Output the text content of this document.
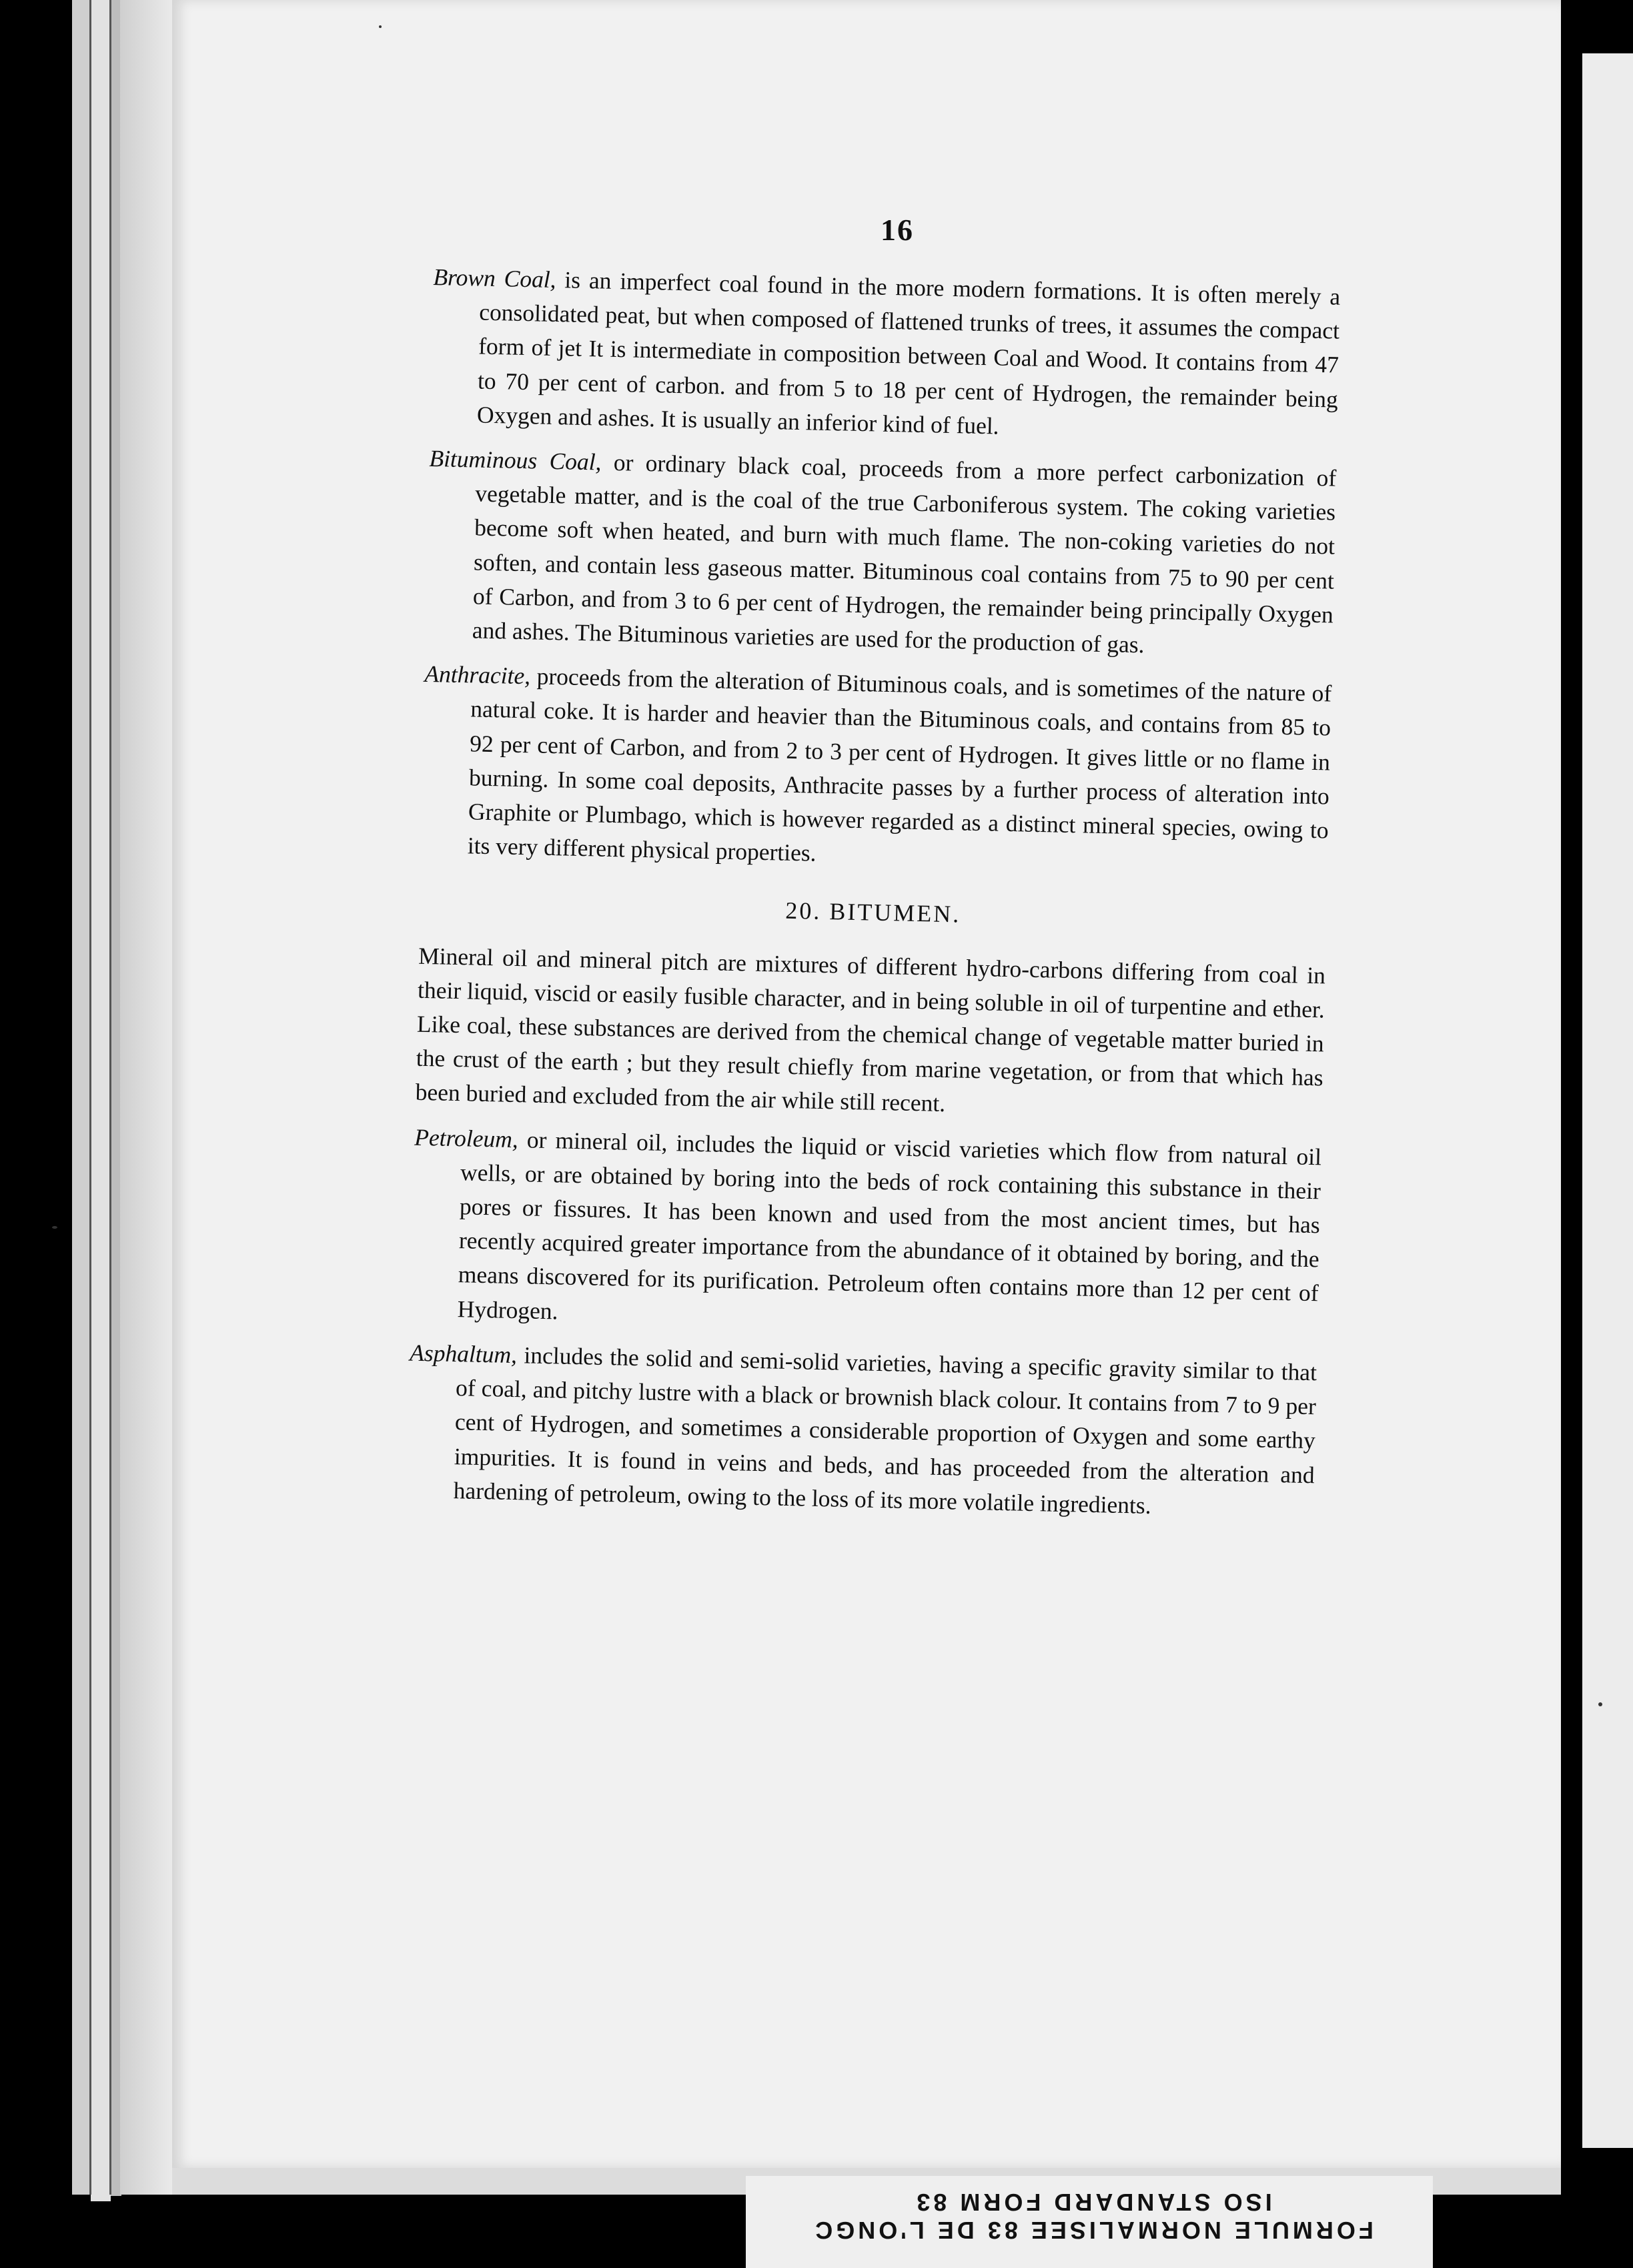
16

Brown Coal, is an imperfect coal found in the more modern formations. It is often merely a consolidated peat, but when composed of flattened trunks of trees, it assumes the compact form of jet It is intermediate in composition between Coal and Wood. It contains from 47 to 70 per cent of carbon. and from 5 to 18 per cent of Hydrogen, the remainder being Oxygen and ashes. It is usually an inferior kind of fuel.

Bituminous Coal, or ordinary black coal, proceeds from a more perfect carbonization of vegetable matter, and is the coal of the true Carboniferous system. The coking varieties become soft when heated, and burn with much flame. The non-coking varieties do not soften, and contain less gaseous matter. Bituminous coal contains from 75 to 90 per cent of Carbon, and from 3 to 6 per cent of Hydrogen, the remainder being principally Oxygen and ashes. The Bituminous varieties are used for the production of gas.

Anthracite, proceeds from the alteration of Bituminous coals, and is sometimes of the nature of natural coke. It is harder and heavier than the Bituminous coals, and contains from 85 to 92 per cent of Carbon, and from 2 to 3 per cent of Hydrogen. It gives little or no flame in burning. In some coal deposits, Anthracite passes by a further process of alteration into Graphite or Plumbago, which is however regarded as a distinct mineral species, owing to its very different physical properties.

20. BITUMEN.

Mineral oil and mineral pitch are mixtures of different hydro-carbons differing from coal in their liquid, viscid or easily fusible character, and in being soluble in oil of turpentine and ether. Like coal, these substances are derived from the chemical change of vegetable matter buried in the crust of the earth ; but they result chiefly from marine vegetation, or from that which has been buried and excluded from the air while still recent.

Petroleum, or mineral oil, includes the liquid or viscid varieties which flow from natural oil wells, or are obtained by boring into the beds of rock containing this substance in their pores or fissures. It has been known and used from the most ancient times, but has recently acquired greater importance from the abundance of it obtained by boring, and the means discovered for its purification. Petroleum often contains more than 12 per cent of Hydrogen.

Asphaltum, includes the solid and semi-solid varieties, having a specific gravity similar to that of coal, and pitchy lustre with a black or brownish black colour. It contains from 7 to 9 per cent of Hydrogen, and sometimes a considerable proportion of Oxygen and some earthy impurities. It is found in veins and beds, and has proceeded from the alteration and hardening of petroleum, owing to the loss of its more volatile ingredients.

FORMULE NORMALISEE 83 DE L'ONGC
ISO STANDARD FORM 83
